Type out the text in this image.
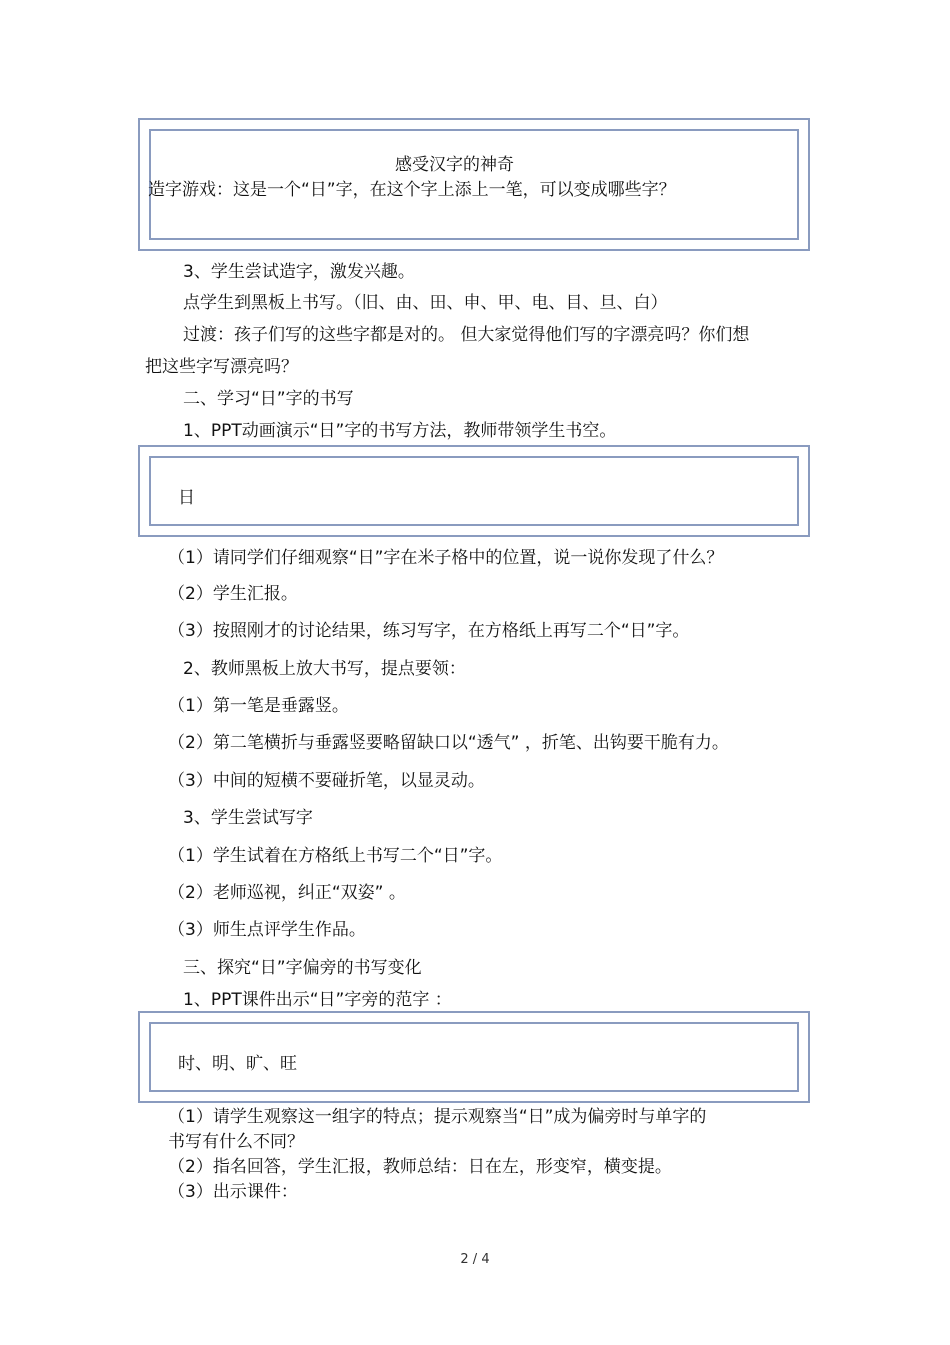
感受汉字的神奇
造字游戏：这是一个“日”字，在这个字上添上一笔，可以变成哪些字？
3、学生尝试造字，激发兴趣。
点学生到黑板上书写。（旧、由、田、申、甲、电、目、旦、白）
过渡：孩子们写的这些字都是对的。 但大家觉得他们写的字漂亮吗？你们想
把这些字写漂亮吗？
二、学习“日”字的书写
1、PPT动画演示“日”字的书写方法，教师带领学生书空。
日
（1）请同学们仔细观察“日”字在米子格中的位置，说一说你发现了什么？
（2）学生汇报。
（3）按照刚才的讨论结果，练习写字，在方格纸上再写二个“日”字。
2、教师黑板上放大书写，提点要领：
（1）第一笔是垂露竖。
（2）第二笔横折与垂露竖要略留缺口以“透气” ，折笔、出钩要干脆有力。
（3）中间的短横不要碰折笔，以显灵动。
3、学生尝试写字
（1）学生试着在方格纸上书写二个“日”字。
（2）老师巡视，纠正“双姿” 。
（3）师生点评学生作品。
三、探究“日”字偏旁的书写变化
1、PPT课件出示“日”字旁的范字 ：
时、明、旷、旺
（1）请学生观察这一组字的特点；提示观察当“日”成为偏旁时与单字的
书写有什么不同？
（2）指名回答，学生汇报，教师总结：日在左，形变窄，横变提。
（3）出示课件：
2 / 4
